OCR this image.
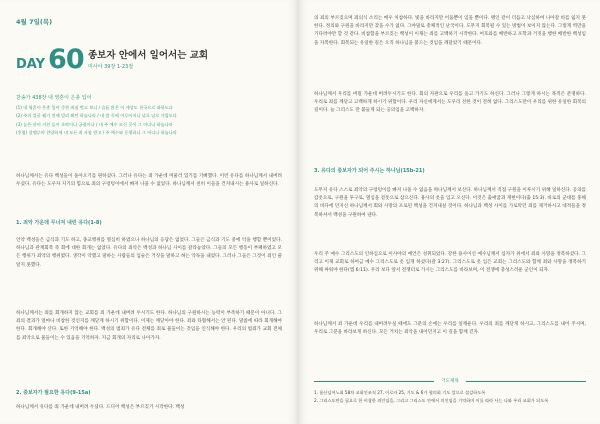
4월 7일(목)
DAY 60 종보자 안에서 일어서는 교회
미사야 39장 1-23절
찬송가 438장 내 영혼이 은총 입어
(1) 내 영혼이 은총 입어 중한 죄짐 벗고 보니 / 슬픔 많은 이 세상도 천국으로 화하도다
(2) 주의 얼굴 뵙기 전에 멀리 뵈던 하늘나라 / 내 맘 속에 이루어지니 날로 날로 가깝도다
(3) 높은 산이 거친 들이 초막이나 궁궐이나 / 내 주 예수 모신 곳이 그 어디나 하늘나라
(후렴) 할렐루야 찬양하세 내 모든 죄 사함 받고 / 주 예수와 동행하니 그 어디나 하늘나라
하나님께서는 유다 백성들이 돌아오기를 원하셨다. 그러나 유다는 죄 가운데 머물러 있기를 기뻐했다. 이런 유다를 하나님께서 내버려 두셨다. 유다는 도우자 지기의 힘으로 죄의 구렁텅이에서 빠져 나올 수 없었다. 하나님께서 친히 이들을 건져내시는 용사로 일하신다.
1. 죄악 가운데 무너져 내린 유다(1-8)
언약 백성들은 금식과 기도 하고, 종교행위를 열심히 하였으나 하나님의 응답은 없었다. 그들은 금식과 기도 중에 악을 행할 뿐이었다. 하나님과 관계회복 즉 회에 대한 회개는 없었다. 유다의 죄악은 백성과 하나님 사이를 갈라놓았다. 그들의 모든 행동이 부패하였고 모든 행위가 죄악의 행위였다. 생각이 악했고 말하는 사람들의 입술은 거짓을 말하고 혀는 악독을 내었다. 그러나 그들은 그것이 죄인 줄 알지 못했다.
하나님께서는 죄를 회개하지 않는 교회를 죄 가운데 내버려 두시기도 한다. 하나님의 구원하시는 능력이 부족하기 때문이 아니다. 그 죄의 결과가 얼마나 비참한 것인지를 깨닫게 하시기 위함이다. 이제는 깨닫아야 한다. 죄와 타협해서는 안 된다. 말씀에 따라 회개해야 한다. 회개해야 산다. 또한 기억해야 한다. 백성의 범죄가 유다 전체를 죄로 물들이는 것임을 인식해야 한다. 우리의 범죄가 교회 전체를 죄악으로 물들이는 수 있음을 기억하자. 지금 회개의 자리로 나아가자.
2. 중보자가 필요한 유다(9-15a)
하나님께서 유다를 죄 가운데 내버려 두셨다. 드디어 백성은 부르짖기 시작한다. 백성
의 죄의 부르짖으며 죄의식 소리는 매우 처참하다. 빛을 바라지만 어둠뿐이 임을 뿐이다. 맹인 같이 더듬고 낙심하여 나아갈 바를 잃지 못한다. 정의와 구원을 바라지만 찾을 수가 없다. 그야말로 총체적인 난국이다. 도무지 회복될 수 있는 방법이 보이지 않는다. 그렇게 벽만을 기다려야만 할 것 같다. 비참함을 부르짖는 백성이 이제는 죄를 고백하기 시작한다. 여호와를 배반하고 포학과 거짓을 행한 배반한 백성임을 자복한다. 회복되는 유일한 길은 오직 하나님을 붙드는 것임을 깨달았기 때문이다.
하나님께서 우리를 버릴 가운데 버려두시기도 한다. 회의 자판으로 우리를 돌고 가기도 하신다. 그러나 그렇게 하시는 목적은 분명하다. 우리로 죄를 깨닫고 고백하게 하시기 위함이다. 우리 자신에게서는 도우리 선한 것이 전혀 없다. 그리스도만이 우리를 위한 유일한 회복의 길이다. 늘 그리스도 만 붙들게 되는 응의임을 고백하자.
3. 유다의 중보자가 되어 주시는 하나님(15b-21)
도무지 유다 스스로 죄악의 구렁텅이를 빠져 나올 수 없음을 하나님께서 보신다. 하나님께서 직접 구원을 이루시기 위해 일하신다. 공의를 갑옷으로, 구원을 투구로, 열심을 겉옷으로 삼으신다. 용사의 옷을 입고 오신다. 이것은 출애굽과 재현이다(출 15:3). 바로의 군대를 홍해의 바다에 던지신 하나님께서 회와 사망의 포로된 백성을 건져내실 것이다. 하나님과 백성 사이를 가로막던 죄를 제거하시고 대적들을 정복하셔서 백성을 구원하여 낸다.
우리 주 예수 그리스도의 인하심으로 이사야의 예언은 성취되었다. 강한 용사이신 예수님께서 십자가 위에서 죄와 사망을 정복하셨다. 그리고 이제 교회로 하여금 예수 그리스도로 옷 입게 하셨다(갈 3:27). 그리스도로 옷 입은 교회는 그리스도와 함께 죄와 사망을 정복하기 위해 싸워야 한다(엡 6:11). 우리 보다 앞서 전쟁터로 가시는 그리스도를 바라보며, 이 전쟁에 충성스러운 군인이 되자.
하나님께서 죄 가운데 우리를 내버려두실 때에도 그분의 손에는 우리를 일깨운다. 우리의 죄를 깨닫게 하시고, 그리스도를 내어 주시며, 우리로 그분을 바라보게 하신다. 모든 거치는 죄악을 내어던지고 이 길을 함께 걷자.
기도제목
1. 품산넘어노회 58차 교회인조직 27, 이로자 25, 기도 & 6가 협의회 기도 앞으로 섬감하도록
2. 그리스도만을 필요로 한 비참한 죄인임을, 그리고 그리스도 안에서 의인임을 기억하며 이를 따라 사는 나와 우리 교회가 되도록
